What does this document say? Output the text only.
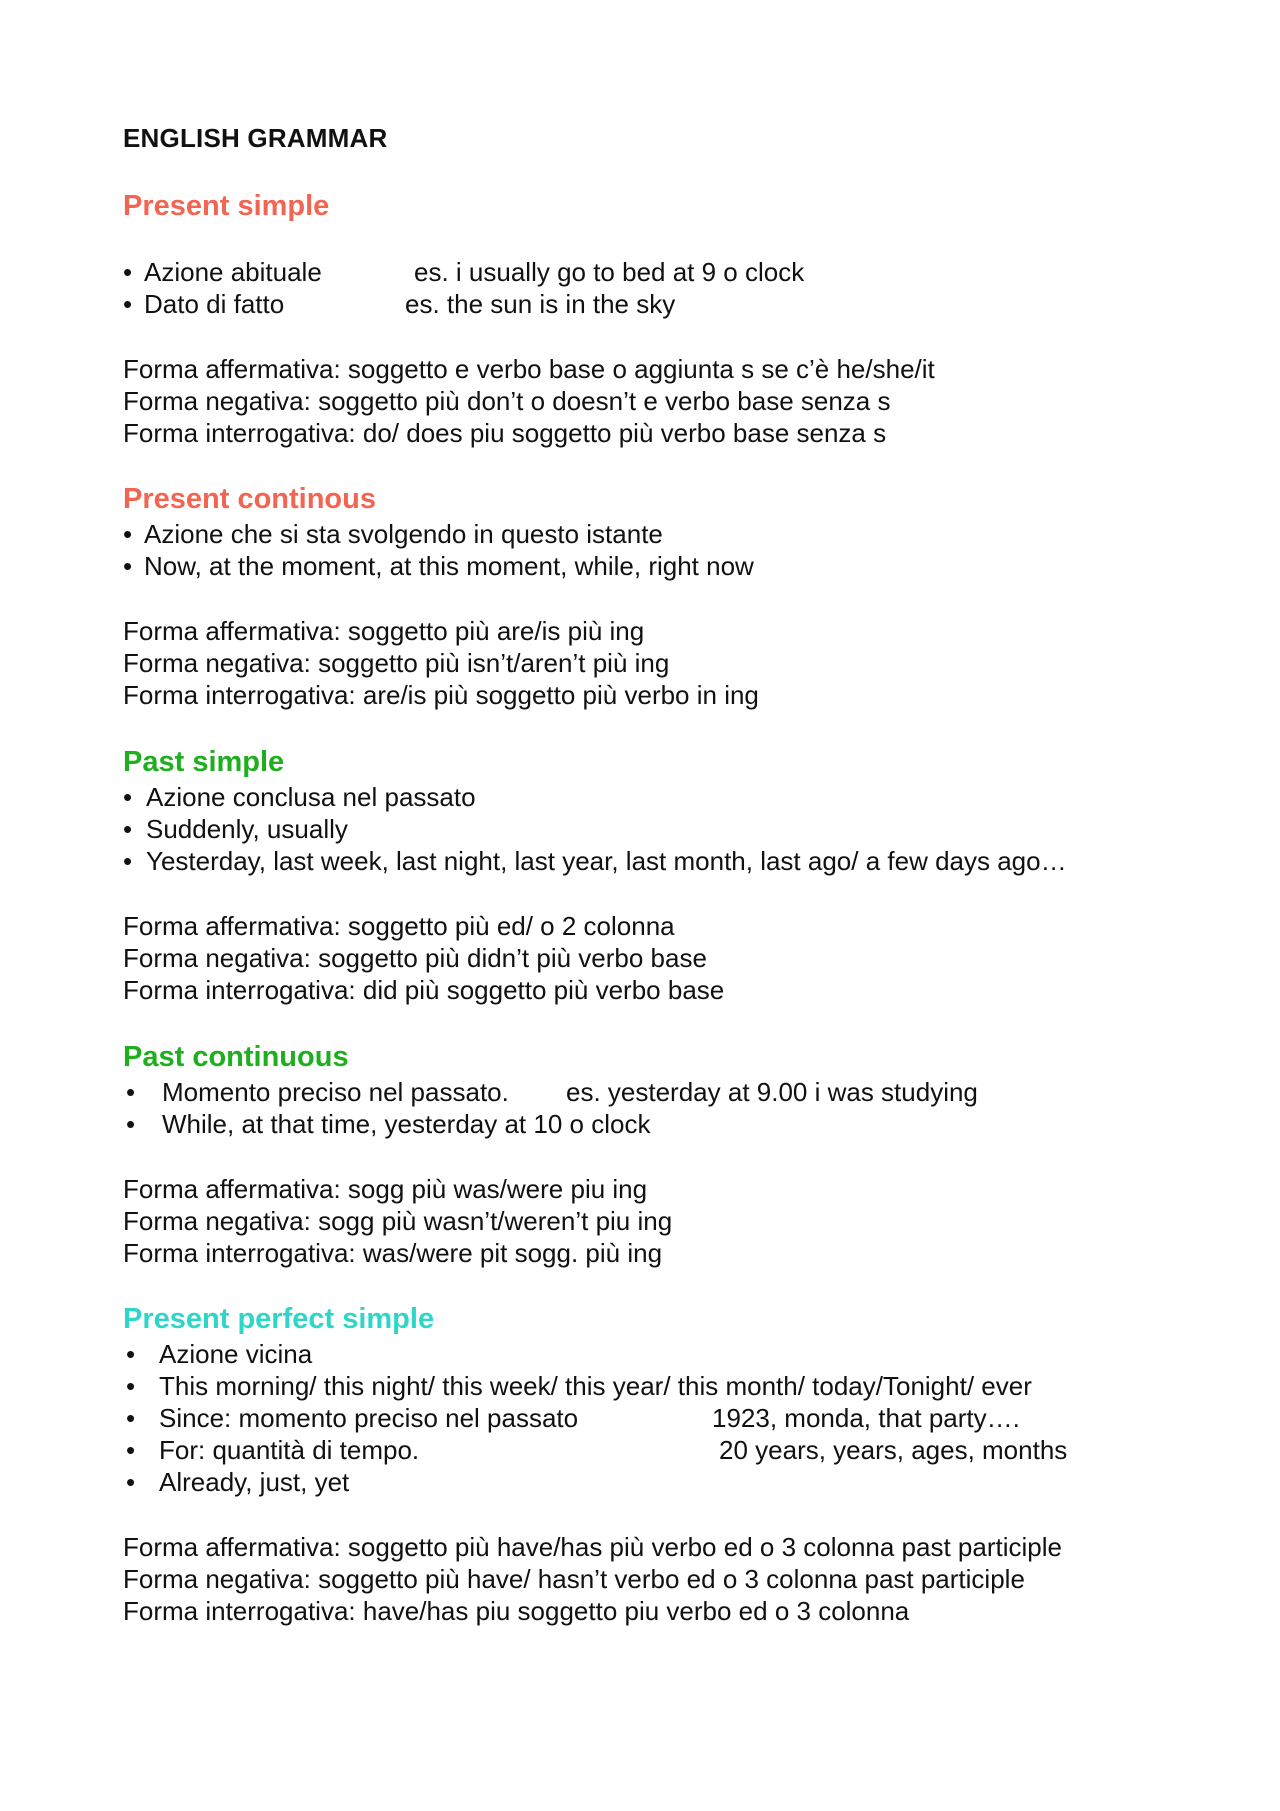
ENGLISH GRAMMAR
Present simple
• Azione abituale	es. i usually go to bed at 9 o clock
• Dato di fatto	es. the sun is in the sky
Forma affermativa: soggetto e verbo base o aggiunta s se c’è he/she/it
Forma negativa: soggetto più don’t o doesn’t e verbo base senza s
Forma interrogativa: do/ does piu soggetto più verbo base senza s
Present continous
• Azione che si sta svolgendo in questo istante
• Now, at the moment, at this moment, while, right now
Forma affermativa: soggetto più are/is più ing
Forma negativa: soggetto più isn’t/aren’t più ing
Forma interrogativa: are/is più soggetto più verbo in ing
Past simple
• Azione conclusa nel passato
• Suddenly, usually
• Yesterday, last week, last night, last year, last month, last ago/ a few days ago…
Forma affermativa: soggetto più ed/ o 2 colonna
Forma negativa: soggetto più didn’t più verbo base
Forma interrogativa: did più soggetto più verbo base
Past continuous
• Momento preciso nel passato. es. yesterday at 9.00 i was studying
• While, at that time, yesterday at 10 o clock
Forma affermativa: sogg più was/were piu ing
Forma negativa: sogg più wasn’t/weren’t piu ing
Forma interrogativa: was/were pit sogg. più ing
Present perfect simple
• Azione vicina
• This morning/ this night/ this week/ this year/ this month/ today/Tonight/ ever
• Since: momento preciso nel passato	1923, monda, that party….
• For: quantità di tempo.	20 years, years, ages, months
• Already, just, yet
Forma affermativa: soggetto più have/has più verbo ed o 3 colonna past participle
Forma negativa: soggetto più have/ hasn’t verbo ed o 3 colonna past participle
Forma interrogativa: have/has piu soggetto piu verbo ed o 3 colonna
